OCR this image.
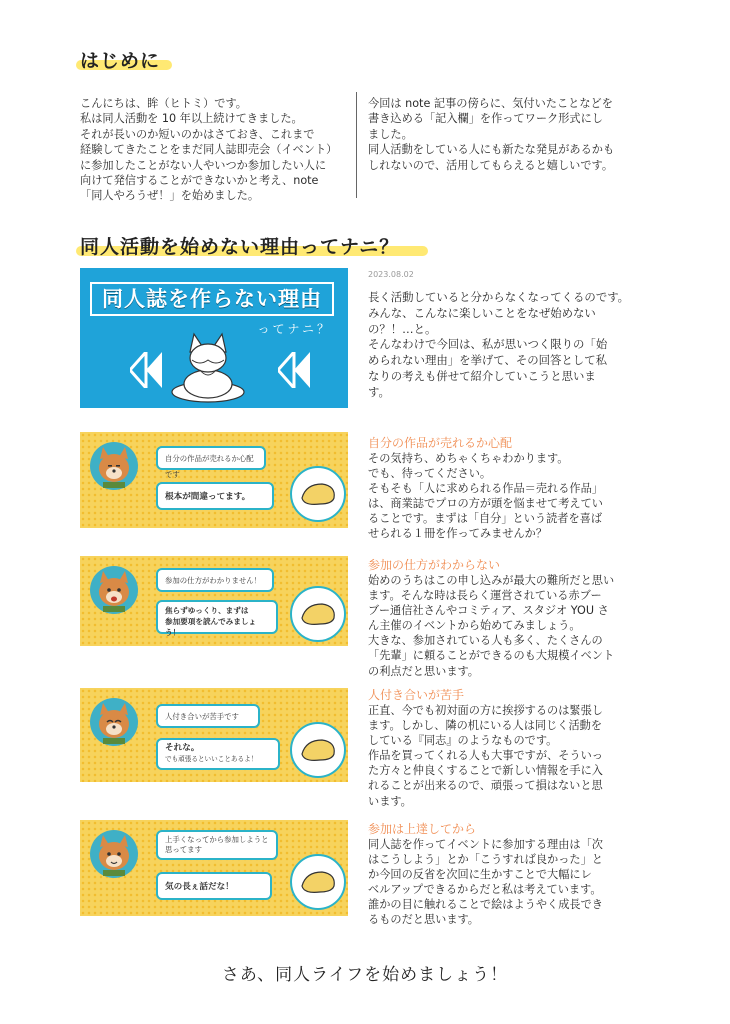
はじめに
こんにちは、眸（ヒトミ）です。
私は同人活動を 10 年以上続けてきました。
それが長いのか短いのかはさておき、これまで
経験してきたことをまだ同人誌即売会（イベント）
に参加したことがない人やいつか参加したい人に
向けて発信することができないかと考え、note
「同人やろうぜ！」を始めました。
今回は note 記事の傍らに、気付いたことなどを
書き込める「記入欄」を作ってワーク形式にし
ました。
同人活動をしている人にも新たな発見があるかも
しれないので、活用してもらえると嬉しいです。
同人活動を始めない理由ってナニ？
同人誌を作らない理由
ってナニ？
2023.08.02
長く活動していると分からなくなってくるのです。
みんな、こんなに楽しいことをなぜ始めない
の？！…と。
そんなわけで今回は、私が思いつく限りの「始
められない理由」を挙げて、その回答として私
なりの考えも併せて紹介していこうと思いま
す。
自分の作品が売れるか心配です
根本が間違ってます。
自分の作品が売れるか心配
その気持ち、めちゃくちゃわかります。
でも、待ってください。
そもそも「人に求められる作品＝売れる作品」
は、商業誌でプロの方が頭を悩ませて考えてい
ることです。まずは「自分」という読者を喜ば
せられる１冊を作ってみませんか？
参加の仕方がわかりません！
焦らずゆっくり、まずは
参加要項を読んでみましょう！
参加の仕方がわからない
始めのうちはこの申し込みが最大の難所だと思い
ます。そんな時は長らく運営されている赤ブー
ブー通信社さんやコミティア、スタジオ YOU さ
ん主催のイベントから始めてみましょう。
大きな、参加されている人も多く、たくさんの
「先輩」に頼ることができるのも大規模イベント
の利点だと思います。
人付き合いが苦手です
それな。
でも頑張るといいことあるよ！
人付き合いが苦手
正直、今でも初対面の方に挨拶するのは緊張し
ます。しかし、隣の机にいる人は同じく活動を
している『同志』のようなものです。
作品を買ってくれる人も大事ですが、そういっ
た方々と仲良くすることで新しい情報を手に入
れることが出来るので、頑張って損はないと思
います。
上手くなってから参加しようと
思ってます
気の長ぇ話だな！
参加は上達してから
同人誌を作ってイベントに参加する理由は「次
はこうしよう」とか「こうすれば良かった」と
か今回の反省を次回に生かすことで大幅にレ
ベルアップできるからだと私は考えています。
誰かの目に触れることで絵はようやく成長でき
るものだと思います。
さあ、同人ライフを始めましょう！
